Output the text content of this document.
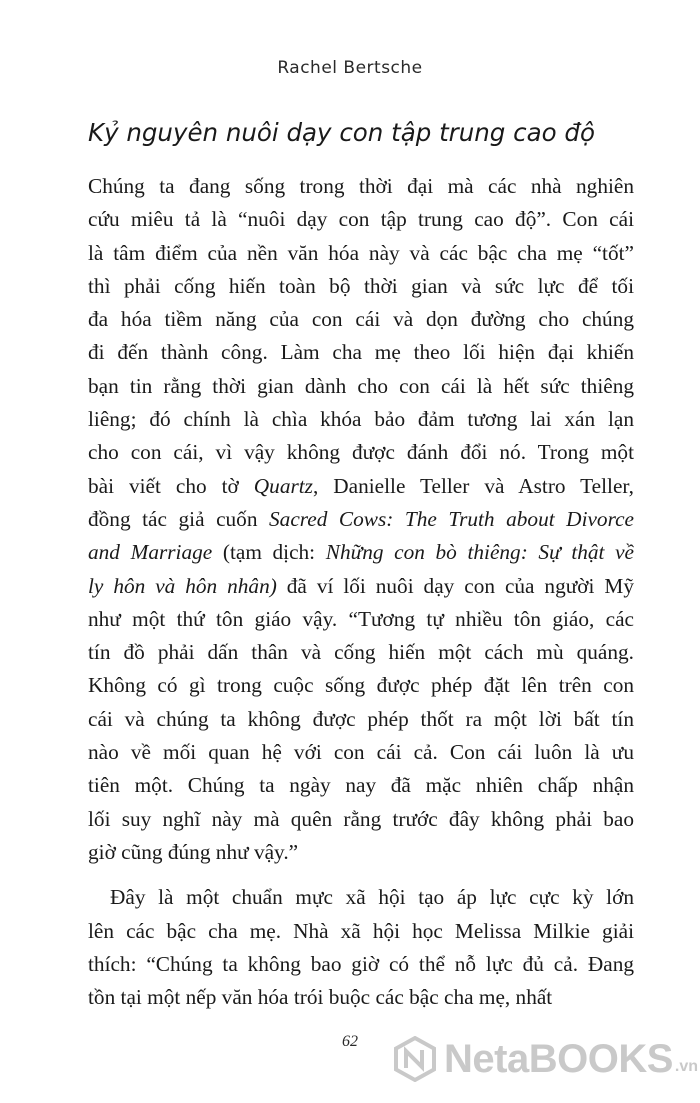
Rachel Bertsche
Kỷ nguyên nuôi dạy con tập trung cao độ
Chúng ta đang sống trong thời đại mà các nhà nghiên
cứu miêu tả là “nuôi dạy con tập trung cao độ”. Con cái
là tâm điểm của nền văn hóa này và các bậc cha mẹ “tốt”
thì phải cống hiến toàn bộ thời gian và sức lực để tối
đa hóa tiềm năng của con cái và dọn đường cho chúng
đi đến thành công. Làm cha mẹ theo lối hiện đại khiến
bạn tin rằng thời gian dành cho con cái là hết sức thiêng
liêng; đó chính là chìa khóa bảo đảm tương lai xán lạn
cho con cái, vì vậy không được đánh đổi nó. Trong một
bài viết cho tờ Quartz, Danielle Teller và Astro Teller,
đồng tác giả cuốn Sacred Cows: The Truth about Divorce
and Marriage (tạm dịch: Những con bò thiêng: Sự thật về
ly hôn và hôn nhân) đã ví lối nuôi dạy con của người Mỹ
như một thứ tôn giáo vậy. “Tương tự nhiều tôn giáo, các
tín đồ phải dấn thân và cống hiến một cách mù quáng.
Không có gì trong cuộc sống được phép đặt lên trên con
cái và chúng ta không được phép thốt ra một lời bất tín
nào về mối quan hệ với con cái cả. Con cái luôn là ưu
tiên một. Chúng ta ngày nay đã mặc nhiên chấp nhận
lối suy nghĩ này mà quên rằng trước đây không phải bao
giờ cũng đúng như vậy.”
Đây là một chuẩn mực xã hội tạo áp lực cực kỳ lớn
lên các bậc cha mẹ. Nhà xã hội học Melissa Milkie giải
thích: “Chúng ta không bao giờ có thể nỗ lực đủ cả. Đang
tồn tại một nếp văn hóa trói buộc các bậc cha mẹ, nhất
62	NetaBOOKS .vn
